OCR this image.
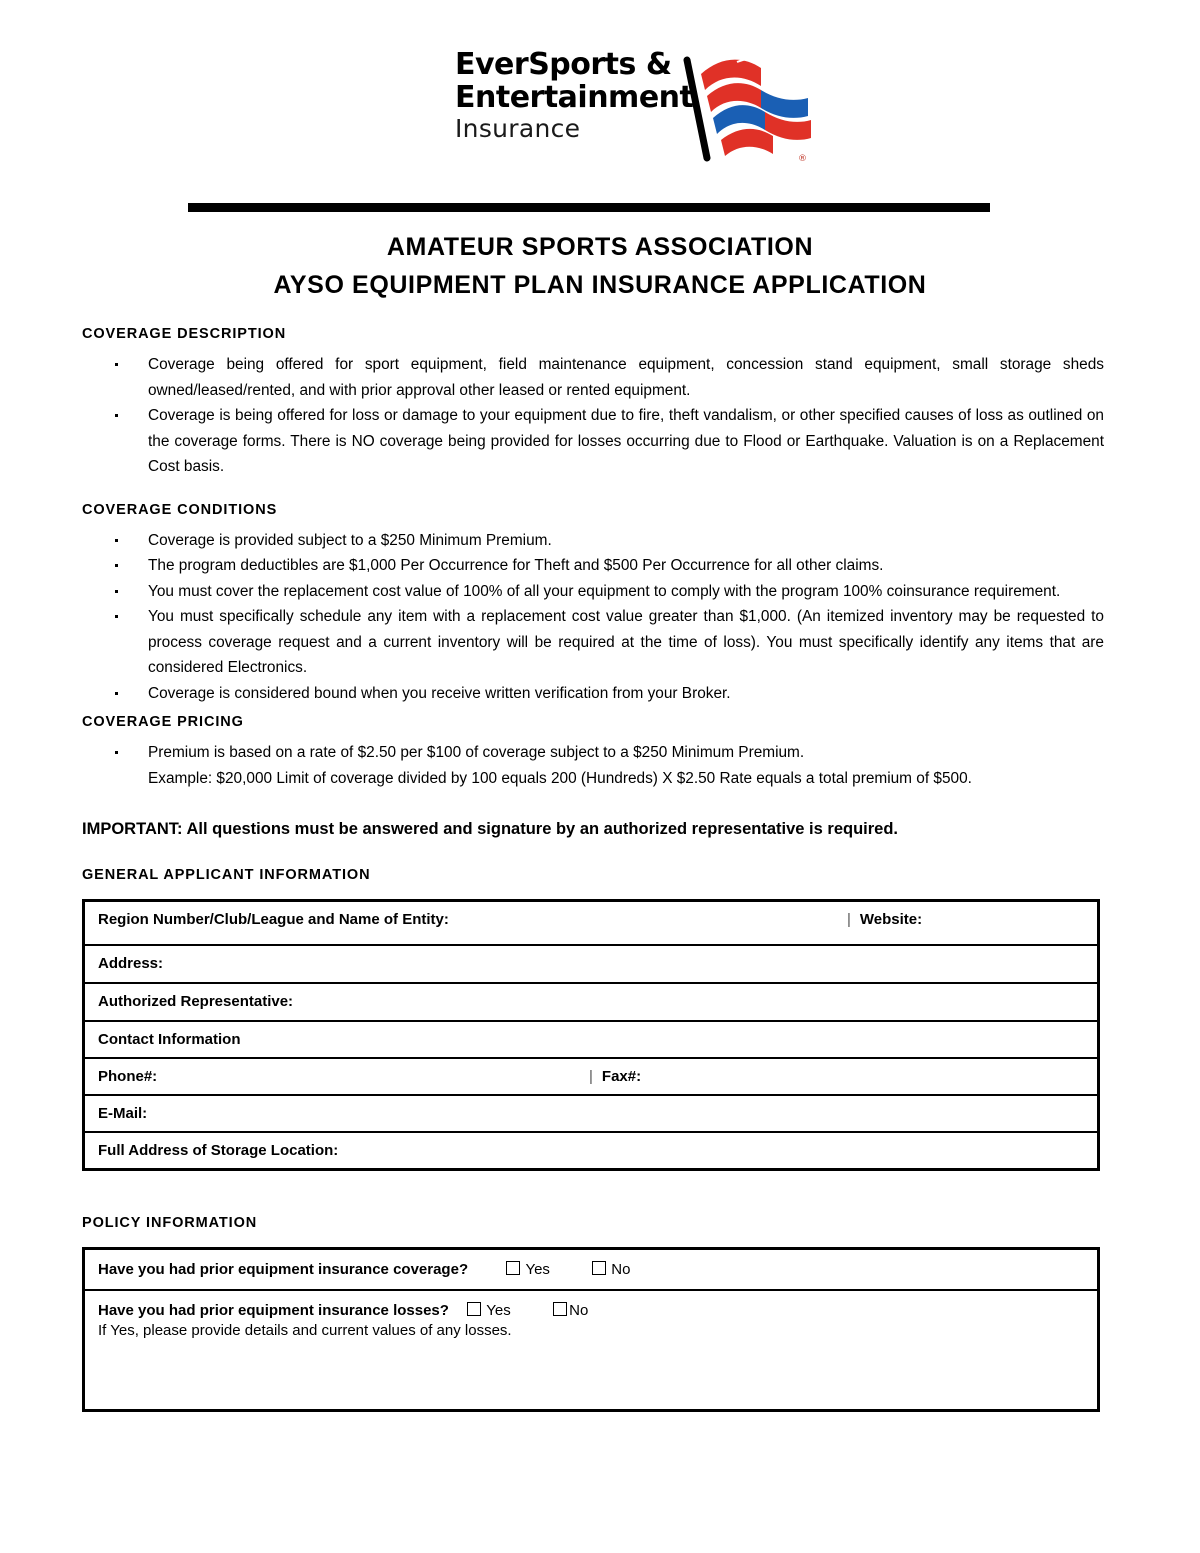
EverSports &
Entertainment
Insurance
®
AMATEUR SPORTS ASSOCIATION
AYSO EQUIPMENT PLAN INSURANCE APPLICATION
COVERAGE DESCRIPTION
Coverage being offered for sport equipment, field maintenance equipment, concession stand equipment, small storage sheds owned/leased/rented, and with prior approval other leased or rented equipment.
Coverage is being offered for loss or damage to your equipment due to fire, theft vandalism, or other specified causes of loss as outlined on the coverage forms. There is NO coverage being provided for losses occurring due to Flood or Earthquake. Valuation is on a Replacement Cost basis.
COVERAGE CONDITIONS
Coverage is provided subject to a $250 Minimum Premium.
The program deductibles are $1,000 Per Occurrence for Theft and $500 Per Occurrence for all other claims.
You must cover the replacement cost value of 100% of all your equipment to comply with the program 100% coinsurance requirement.
You must specifically schedule any item with a replacement cost value greater than $1,000. (An itemized inventory may be requested to process coverage request and a current inventory will be required at the time of loss). You must specifically identify any items that are considered Electronics.
Coverage is considered bound when you receive written verification from your Broker.
COVERAGE PRICING
Premium is based on a rate of $2.50 per $100 of coverage subject to a $250 Minimum Premium.
Example: $20,000 Limit of coverage divided by 100 equals 200 (Hundreds) X $2.50 Rate equals a total premium of $500.
IMPORTANT: All questions must be answered and signature by an authorized representative is required.
GENERAL APPLICANT INFORMATION
Region Number/Club/League and Name of Entity:	| Website:

Address:
Authorized Representative:
Contact Information

Phone#:	| Fax#:

E-Mail:
Full Address of Storage Location:
POLICY INFORMATION
Have you had prior equipment insurance coverage?	Yes	No
Have you had prior equipment insurance losses? Yes	No
If Yes, please provide details and current values of any losses.
